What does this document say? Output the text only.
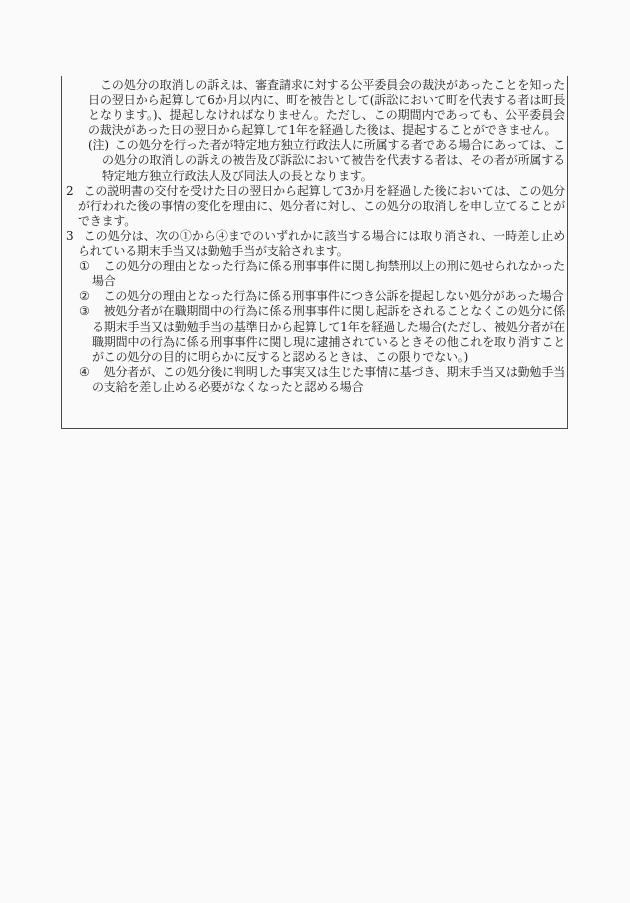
この処分の取消しの訴えは、審査請求に対する公平委員会の裁決があったことを知った日の翌日から起算して6か月以内に、町を被告として(訴訟において町を代表する者は町長となります。)、提起しなければなりません。ただし、この期間内であっても、公平委員会の裁決があった日の翌日から起算して1年を経過した後は、提起することができません。
(注) この処分を行った者が特定地方独立行政法人に所属する者である場合にあっては、この処分の取消しの訴えの被告及び訴訟において被告を代表する者は、その者が所属する特定地方独立行政法人及び同法人の長となります。
2 この説明書の交付を受けた日の翌日から起算して3か月を経過した後においては、この処分が行われた後の事情の変化を理由に、処分者に対し、この処分の取消しを申し立てることができます。
3 この処分は、次の①から④までのいずれかに該当する場合には取り消され、一時差し止められている期末手当又は勤勉手当が支給されます。
① この処分の理由となった行為に係る刑事事件に関し拘禁刑以上の刑に処せられなかった場合
② この処分の理由となった行為に係る刑事事件につき公訴を提起しない処分があった場合
③ 被処分者が在職期間中の行為に係る刑事事件に関し起訴をされることなくこの処分に係る期末手当又は勤勉手当の基準日から起算して1年を経過した場合(ただし、被処分者が在職期間中の行為に係る刑事事件に関し現に逮捕されているときその他これを取り消すことがこの処分の目的に明らかに反すると認めるときは、この限りでない。)
④ 処分者が、この処分後に判明した事実又は生じた事情に基づき、期末手当又は勤勉手当の支給を差し止める必要がなくなったと認める場合
